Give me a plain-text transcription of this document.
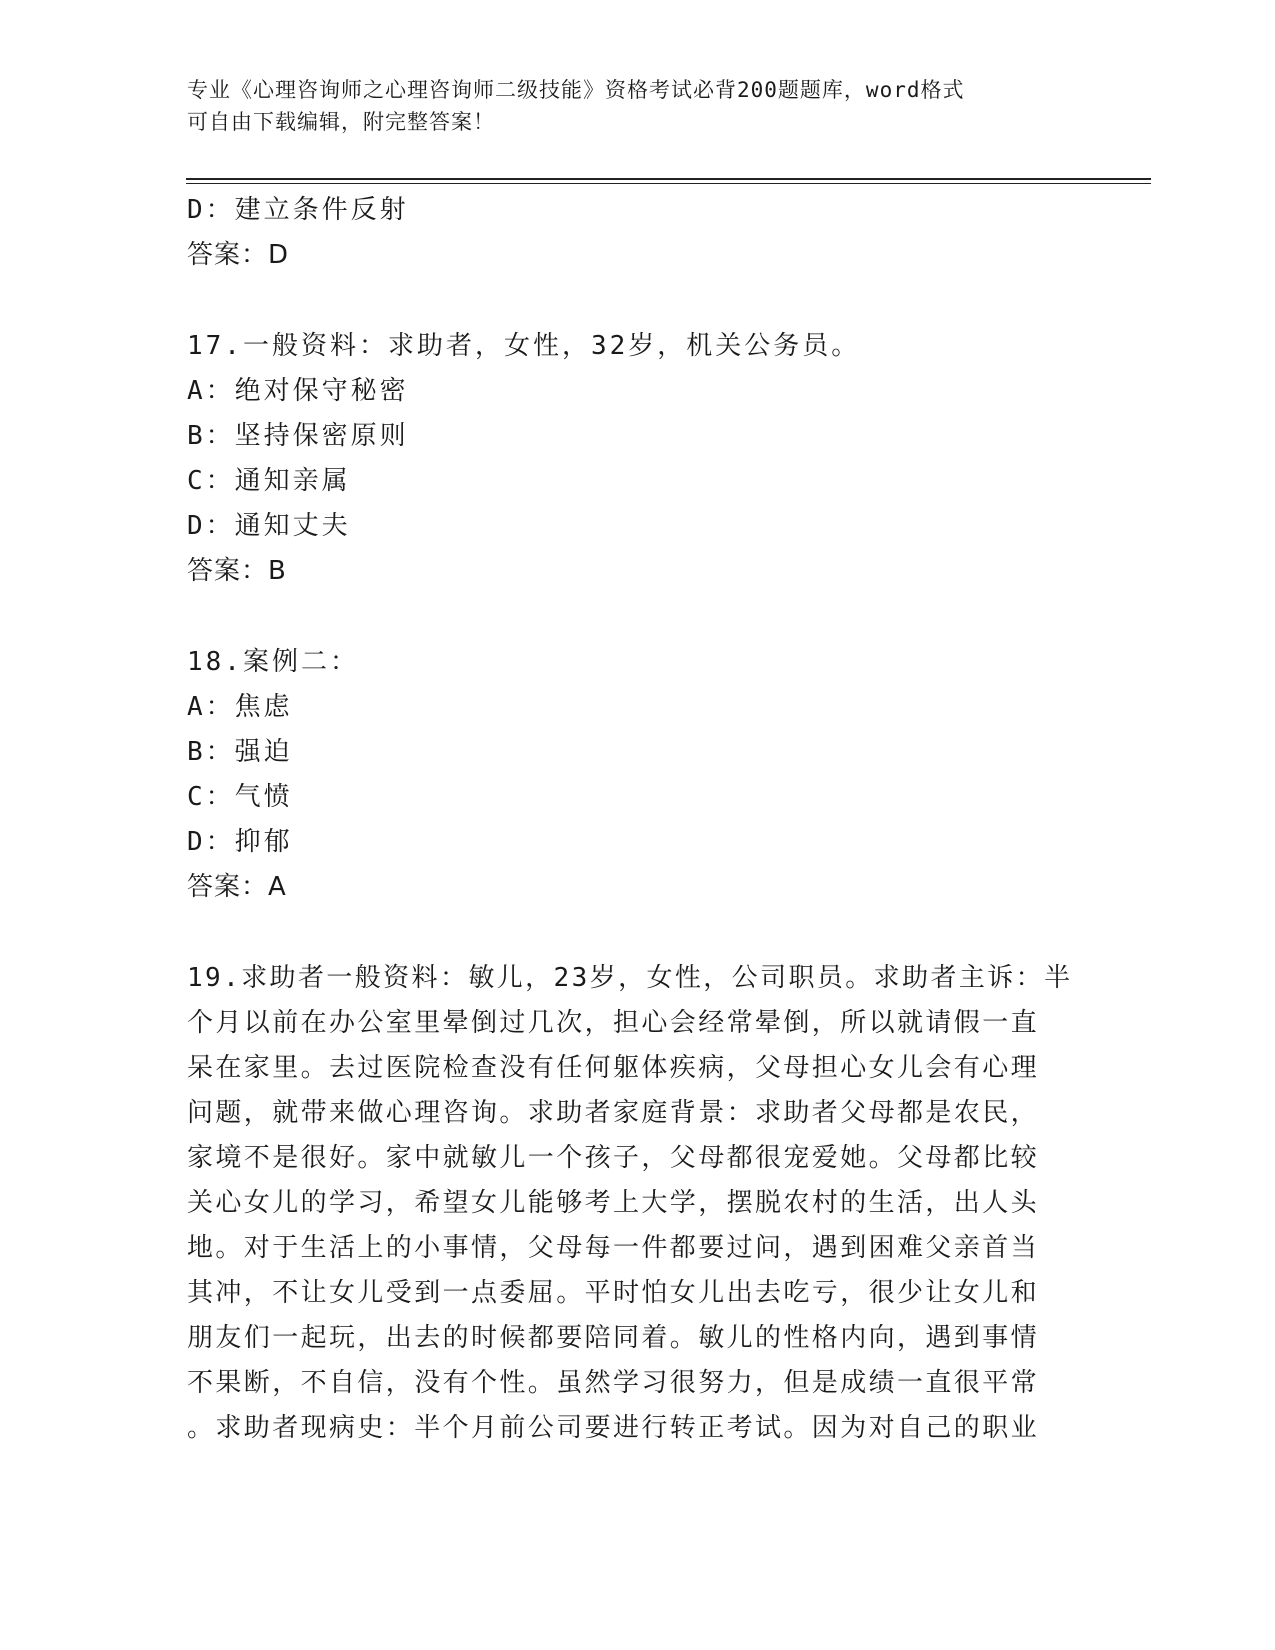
专业《心理咨询师之心理咨询师二级技能》资格考试必背200题题库，word格式
可自由下载编辑，附完整答案！
D：建立条件反射
答案：D
17.一般资料：求助者，女性，32岁，机关公务员。
A：绝对保守秘密
B：坚持保密原则
C：通知亲属
D：通知丈夫
答案：B
18.案例二：
A：焦虑
B：强迫
C：气愤
D：抑郁
答案：A
19.求助者一般资料：敏儿，23岁，女性，公司职员。求助者主诉：半
个月以前在办公室里晕倒过几次，担心会经常晕倒，所以就请假一直
呆在家里。去过医院检查没有任何躯体疾病，父母担心女儿会有心理
问题，就带来做心理咨询。求助者家庭背景：求助者父母都是农民，
家境不是很好。家中就敏儿一个孩子，父母都很宠爱她。父母都比较
关心女儿的学习，希望女儿能够考上大学，摆脱农村的生活，出人头
地。对于生活上的小事情，父母每一件都要过问，遇到困难父亲首当
其冲，不让女儿受到一点委屈。平时怕女儿出去吃亏，很少让女儿和
朋友们一起玩，出去的时候都要陪同着。敏儿的性格内向，遇到事情
不果断，不自信，没有个性。虽然学习很努力，但是成绩一直很平常
。求助者现病史：半个月前公司要进行转正考试。因为对自己的职业
